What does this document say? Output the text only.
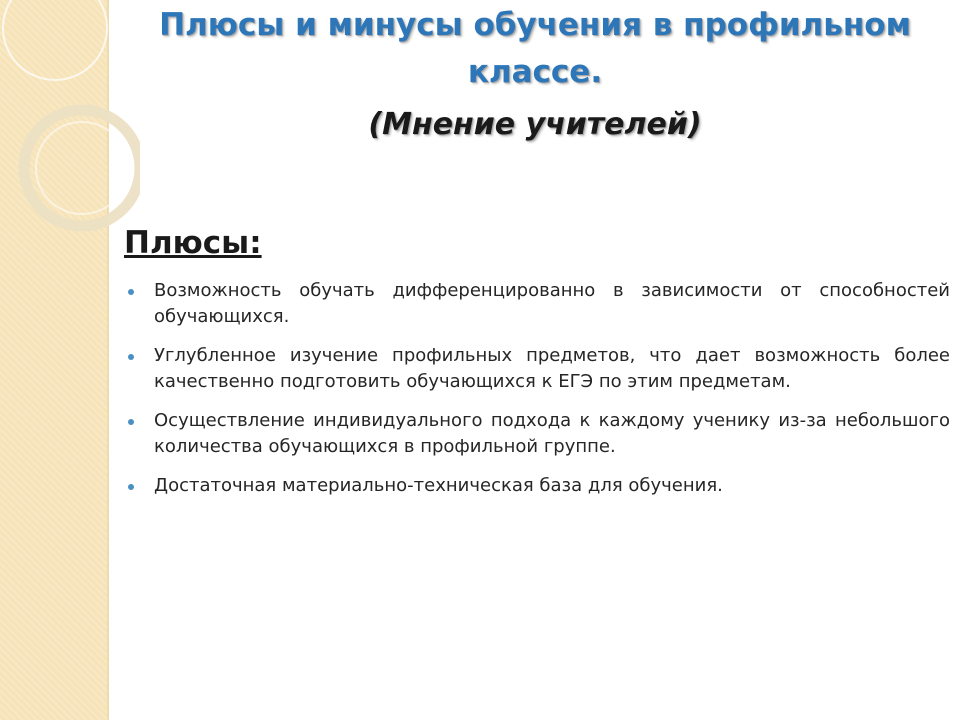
Плюсы и минусы обучения в профильном классе.
(Мнение учителей)
Плюсы:

Возможность обучать дифференцированно в зависимости от способностей обучающихся.

Углубленное изучение профильных предметов, что дает возможность более качественно подготовить обучающихся к ЕГЭ по этим предметам.

Осуществление индивидуального подхода к каждому ученику из-за небольшого количества обучающихся в профильной группе.

Достаточная материально-техническая база для обучения.
